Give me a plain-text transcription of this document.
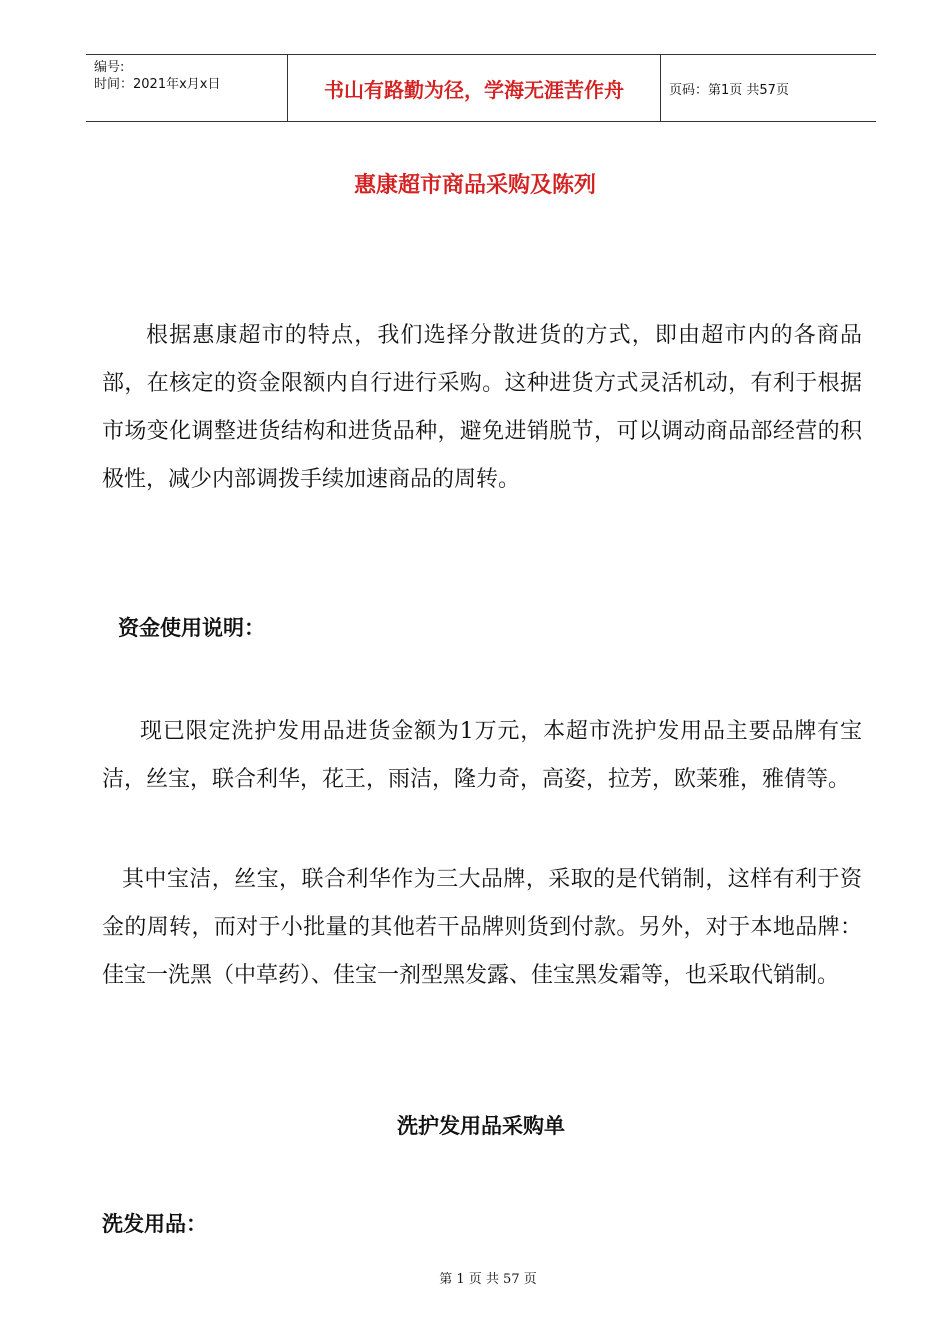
编号:
时间：2021年x月x日	书山有路勤为径，学海无涯苦作舟	页码：第1页 共57页
惠康超市商品采购及陈列

根据惠康超市的特点，我们选择分散进货的方式，即由超市内的各商品部，在核定的资金限额内自行进行采购。这种进货方式灵活机动，有利于根据市场变化调整进货结构和进货品种，避免进销脱节，可以调动商品部经营的积极性，减少内部调拨手续加速商品的周转。

资金使用说明：

现已限定洗护发用品进货金额为1万元，本超市洗护发用品主要品牌有宝洁，丝宝，联合利华，花王，雨洁，隆力奇，高姿，拉芳，欧莱雅，雅倩等。

其中宝洁，丝宝，联合利华作为三大品牌，采取的是代销制，这样有利于资金的周转，而对于小批量的其他若干品牌则货到付款。另外，对于本地品牌：佳宝一洗黑（中草药）、佳宝一剂型黑发露、佳宝黑发霜等，也采取代销制。

洗护发用品采购单
洗发用品：
第 1 页 共 57 页
